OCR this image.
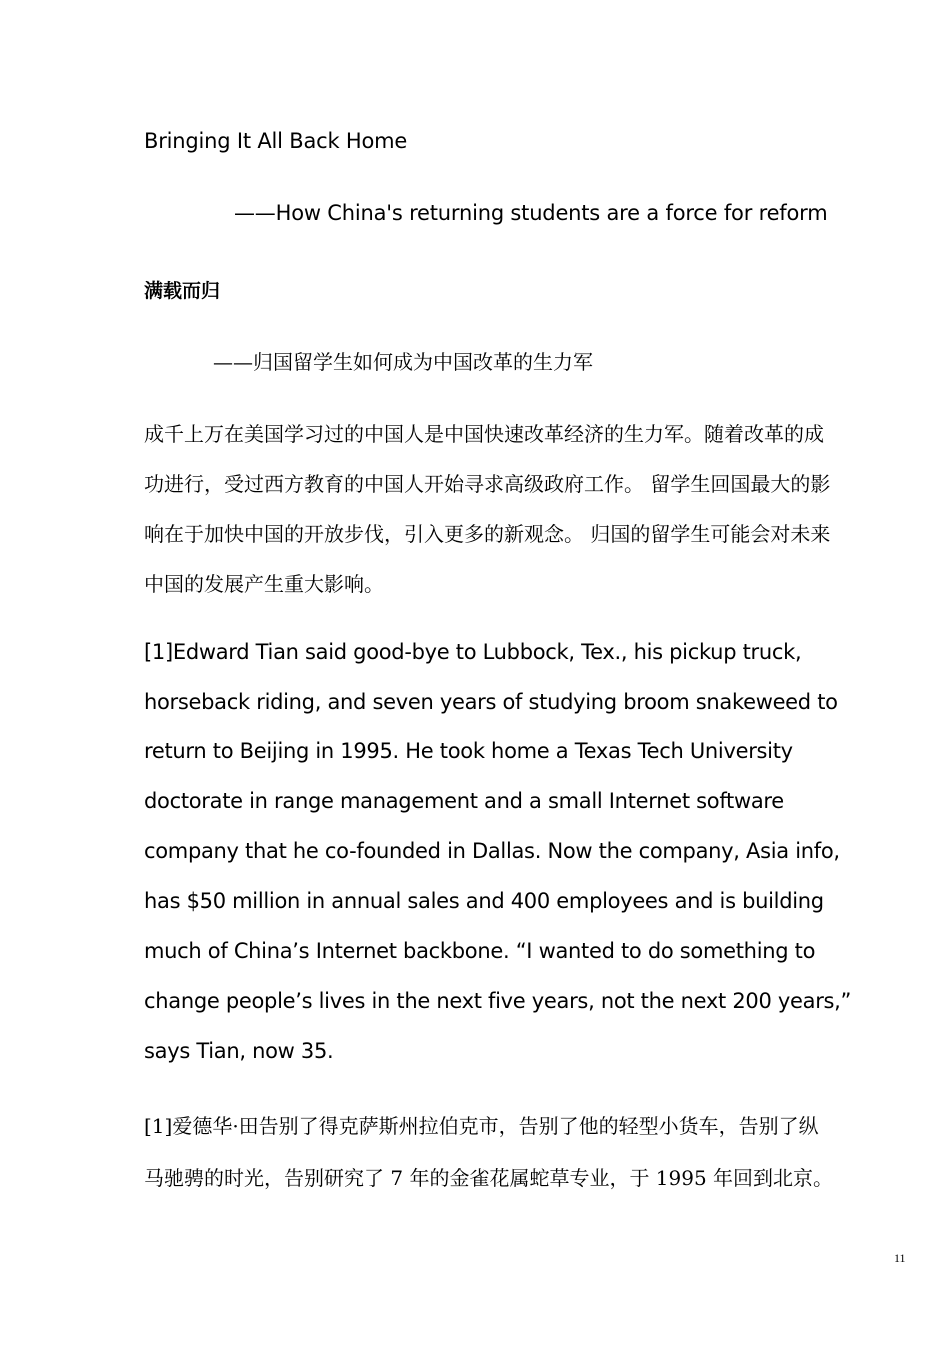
Bringing It All Back Home
——How China's returning students are a force for reform
满载而归
——归国留学生如何成为中国改革的生力军
成千上万在美国学习过的中国人是中国快速改革经济的生力军。随着改革的成
功进行，受过西方教育的中国人开始寻求高级政府工作。 留学生回国最大的影
响在于加快中国的开放步伐，引入更多的新观念。 归国的留学生可能会对未来
中国的发展产生重大影响。
[1]Edward Tian said good-bye to Lubbock, Tex., his pickup truck,
horseback riding, and seven years of studying broom snakeweed to
return to Beijing in 1995. He took home a Texas Tech University
doctorate in range management and a small Internet software
company that he co-founded in Dallas. Now the company, Asia info,
has $50 million in annual sales and 400 employees and is building
much of China’s Internet backbone. “I wanted to do something to
change people’s lives in the next five years, not the next 200 years,”
says Tian, now 35.
[1]爱德华·田告别了得克萨斯州拉伯克市，告别了他的轻型小货车，告别了纵
马驰骋的时光，告别研究了 7 年的金雀花属蛇草专业，于 1995 年回到北京。
11
